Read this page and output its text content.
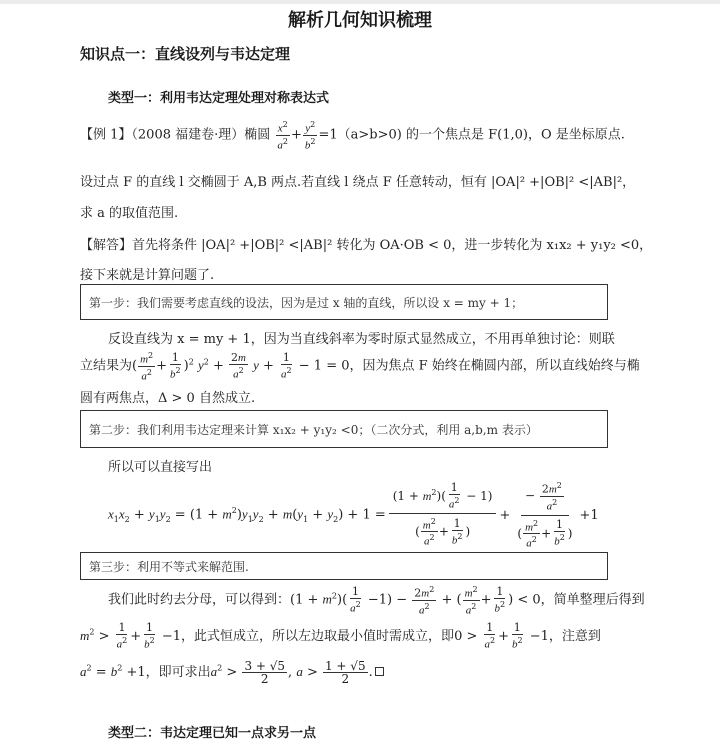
解析几何知识梳理
知识点一：直线设列与韦达定理
类型一：利用韦达定理处理对称表达式
【例 1】（2008 福建卷·理）椭圆 $\frac{x^2}{a^2} + \frac{y^2}{b^2} =1(a>b>0)$ 的一个焦点是 F(1,0)，O 是坐标原点.
设过点 F 的直线 l 交椭圆于 A,B 两点.若直线 l 绕点 F 任意转动，恒有 |OA|² +|OB|² <|AB|²，
求 a 的取值范围.
【解答】首先将条件 |OA|² +|OB|² <|AB|² 转化为 OA·OB < 0，进一步转化为 x₁x₂ + y₁y₂ <0，
接下来就是计算问题了.
第一步：我们需要考虑直线的设法，因为是过 x 轴的直线，所以设 x = my + 1；
反设直线为 x = my + 1，因为当直线斜率为零时原式显然成立，不用再单独讨论：则联
立结果为( $\frac{m^2}{a^2} + \frac{1}{b^2} )^2$ $y^2 + \frac{2m}{a^2}$ $y + \frac{1}{a^2} - 1 = 0$，因为焦点 F 始终在椭圆内部，所以直线始终与椭
圆有两焦点，Δ > 0 自然成立.
第二步：我们利用韦达定理来计算 x₁x₂ + y₁y₂ <0；（二次分式，利用 a,b,m 表示）
所以可以直接写出
$x_1x_2 + y_1y_2 = (1 + m^2)y_1y_2 + m(y_1 + y_2) + 1 = \frac{(1 + m^2)( \frac{1}{a^2} - 1)}{( \frac{m^2}{a^2} + \frac{1}{b^2} )} + \frac{- \frac{2m^2}{a^2}}{( \frac{m^2}{a^2} + \frac{1}{b^2} )} +1$
第三步：利用不等式来解范围.
我们此时约去分母，可以得到：$(1 + m^2)( \frac{1}{a^2} -1) - \frac{2m^2}{a^2}$ + ( $\frac{m^2}{a^2} + \frac{1}{b^2}$ ) < 0，简单整理后得到
$m^2 > \frac{1}{a^2} + \frac{1}{b^2} -1$，此式恒成立，所以左边取最小值时需成立，即$0 > \frac{1}{a^2} + \frac{1}{b^2} -1$，注意到
$a^2 = b^2 +1$，即可求出$a^2 > \frac{3 + √5}{2}$ , $a > \frac{1 + √5}{2}$ .
类型二：韦达定理已知一点求另一点
